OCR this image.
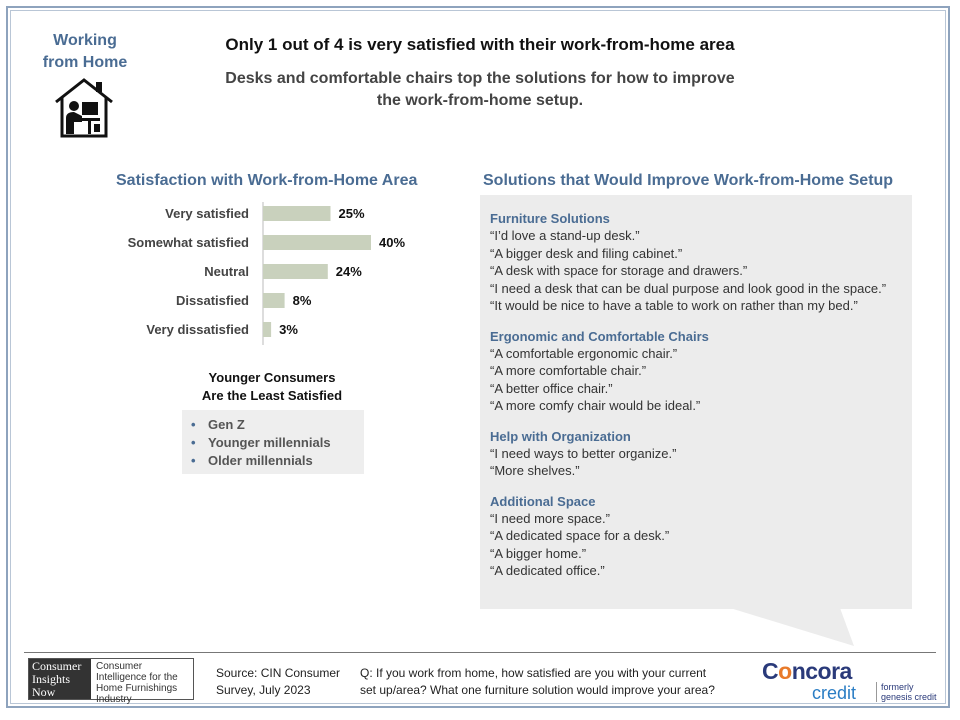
Working
from Home
Only 1 out of 4 is very satisfied with their work-from-home area
Desks and comfortable chairs top the solutions for how to improve
the work-from-home setup.
Satisfaction with Work-from-Home Area	Solutions that Would Improve Work-from-Home Setup
Very satisfied	25%
Somewhat satisfied	40%
Neutral	24%
Dissatisfied	8%
Very dissatisfied 3%
Younger Consumers
Are the Least Satisfied
• Gen Z
• Younger millennials
• Older millennials
Furniture Solutions
“I’d love a stand-up desk.”
“A bigger desk and filing cabinet.”
“A desk with space for storage and drawers.”
“I need a desk that can be dual purpose and look good in the space.”
“It would be nice to have a table to work on rather than my bed.”
Ergonomic and Comfortable Chairs
“A comfortable ergonomic chair.”
“A more comfortable chair.”
“A better office chair.”
“A more comfy chair would be ideal.”
Help with Organization
“I need ways to better organize.”
“More shelves.”
Additional Space
“I need more space.”
“A dedicated space for a desk.”
“A bigger home.”
“A dedicated office.”
Consumer
Insights
Now
Consumer Intelligence for the Home Furnishings Industry
Source: CIN Consumer
Survey, July 2023
Q: If you work from home, how satisfied are you with your current
set up/area? What one furniture solution would improve your area?
Concora
credit	formerly
genesis credit
